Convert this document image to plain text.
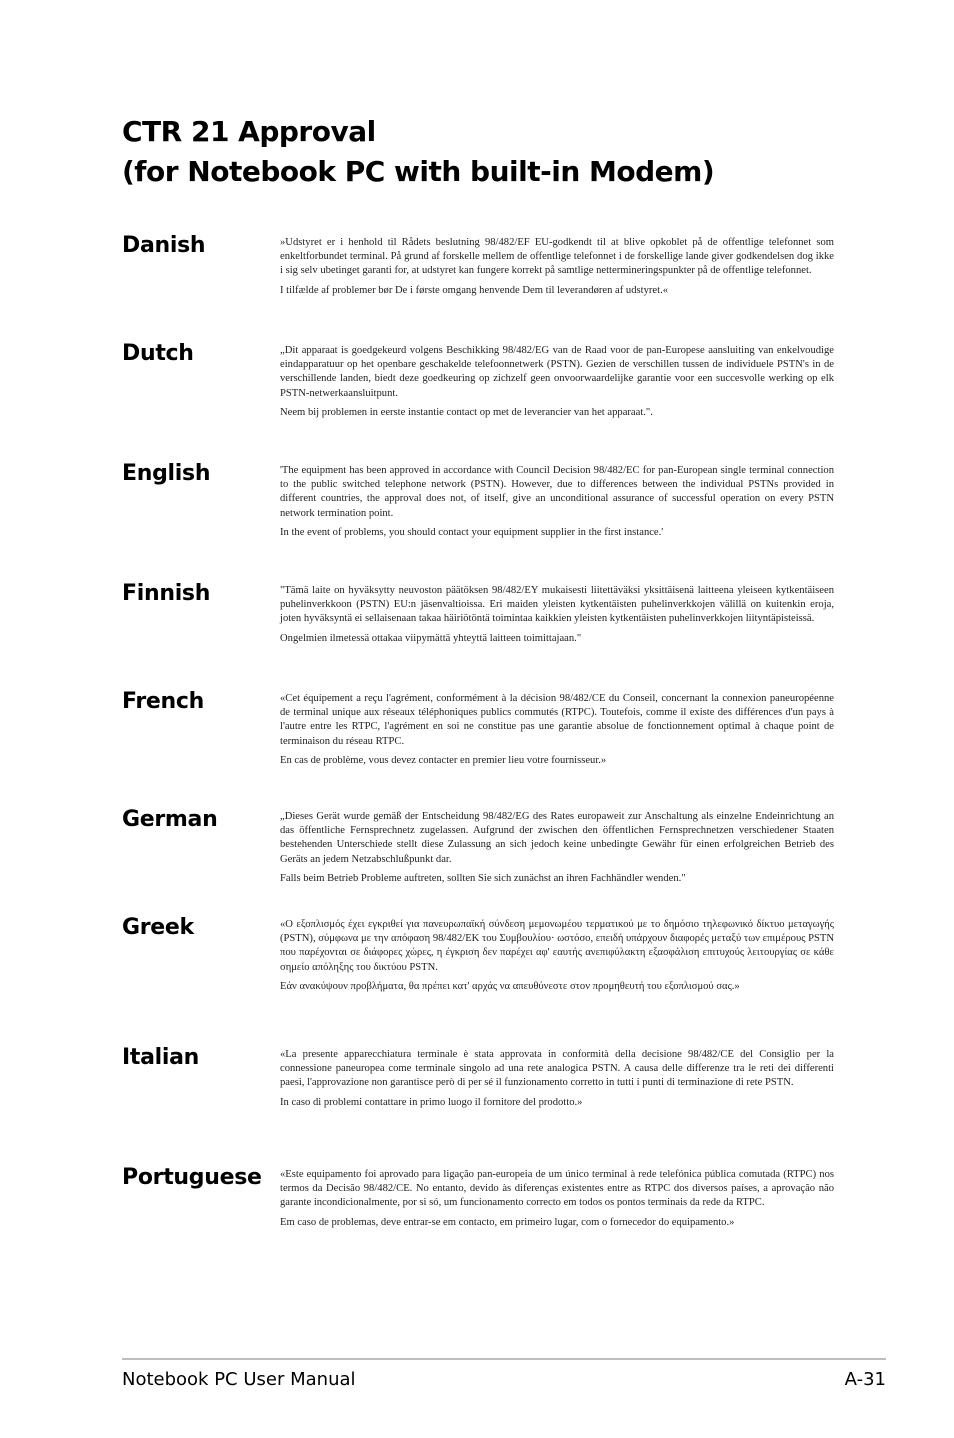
CTR 21 Approval
(for Notebook PC with built-in Modem)
Danish	»Udstyret er i henhold til Rådets beslutning 98/482/EF EU-godkendt til at blive opkoblet på de offentlige telefonnet som enkeltforbundet terminal. På grund af forskelle mellem de offentlige telefonnet i de forskellige lande giver godkendelsen dog ikke i sig selv ubetinget garanti for, at udstyret kan fungere korrekt på samtlige nettermineringspunkter på de offentlige telefonnet.

I tilfælde af problemer bør De i første omgang henvende Dem til leverandøren af udstyret.«

Dutch	„Dit apparaat is goedgekeurd volgens Beschikking 98/482/EG van de Raad voor de pan-Europese aansluiting van enkelvoudige eindapparatuur op het openbare geschakelde telefoonnetwerk (PSTN). Gezien de verschillen tussen de individuele PSTN's in de verschillende landen, biedt deze goedkeuring op zichzelf geen onvoorwaardelijke garantie voor een succesvolle werking op elk PSTN-netwerkaansluitpunt.

Neem bij problemen in eerste instantie contact op met de leverancier van het apparaat.".

English	'The equipment has been approved in accordance with Council Decision 98/482/EC for pan-European single terminal connection to the public switched telephone network (PSTN). However, due to differences between the individual PSTNs provided in different countries, the approval does not, of itself, give an unconditional assurance of successful operation on every PSTN network termination point.

In the event of problems, you should contact your equipment supplier in the first instance.'

Finnish	"Tämä laite on hyväksytty neuvoston päätöksen 98/482/EY mukaisesti liitettäväksi yksittäisenä laitteena yleiseen kytkentäiseen puhelinverkkoon (PSTN) EU:n jäsenvaltioissa. Eri maiden yleisten kytkentäisten puhelinverkkojen välillä on kuitenkin eroja, joten hyväksyntä ei sellaisenaan takaa häiriötöntä toimintaa kaikkien yleisten kytkentäisten puhelinverkkojen liityntäpisteissä.

Ongelmien ilmetessä ottakaa viipymättä yhteyttä laitteen toimittajaan."

French	«Cet équipement a reçu l'agrément, conformément à la décision 98/482/CE du Conseil, concernant la connexion paneuropéenne de terminal unique aux réseaux téléphoniques publics commutés (RTPC). Toutefois, comme il existe des différences d'un pays à l'autre entre les RTPC, l'agrément en soi ne constitue pas une garantie absolue de fonctionnement optimal à chaque point de terminaison du réseau RTPC.

En cas de problème, vous devez contacter en premier lieu votre fournisseur.»

German	„Dieses Gerät wurde gemäß der Entscheidung 98/482/EG des Rates europaweit zur Anschaltung als einzelne Endeinrichtung an das öffentliche Fernsprechnetz zugelassen. Aufgrund der zwischen den öffentlichen Fernsprechnetzen verschiedener Staaten bestehenden Unterschiede stellt diese Zulassung an sich jedoch keine unbedingte Gewähr für einen erfolgreichen Betrieb des Geräts an jedem Netzabschlußpunkt dar.

Falls beim Betrieb Probleme auftreten, sollten Sie sich zunächst an ihren Fachhändler wenden."

Greek	«Ο εξοπλισμός έχει εγκριθεί για πανευρωπαϊκή σύνδεση μεμονωμέου τερματικού με το δημόσιο τηλεφωνικό δίκτυο μεταγωγής (PSTN), σύμφωνα με την απόφαση 98/482/ΕΚ του Συμβουλίου· ωστόσο, επειδή υπάρχουν διαφορές μεταξύ των επιμέρους PSTN που παρέχονται σε διάφορες χώρες, η έγκριση δεν παρέχει αφ' εαυτής ανεπιφύλακτη εξασφάλιση επιτυχούς λειτουργίας σε κάθε σημείο απόληξης του δικτύου PSTN.

Εάν ανακύψουν προβλήματα, θα πρέπει κατ' αρχάς να απευθύνεστε στον προμηθευτή του εξοπλισμού σας.»

Italian	«La presente apparecchiatura terminale è stata approvata in conformità della decisione 98/482/CE del Consiglio per la connessione paneuropea come terminale singolo ad una rete analogica PSTN. A causa delle differenze tra le reti dei differenti paesi, l'approvazione non garantisce però di per sé il funzionamento corretto in tutti i punti di terminazione di rete PSTN.

In caso di problemi contattare in primo luogo il fornitore del prodotto.»

Portuguese «Este equipamento foi aprovado para ligação pan-europeia de um único terminal à rede telefónica pública comutada (RTPC) nos termos da Decisão 98/482/CE. No entanto, devido às diferenças existentes entre as RTPC dos diversos países, a aprovação não garante incondicionalmente, por si só, um funcionamento correcto em todos os pontos terminais da rede da RTPC.

Em caso de problemas, deve entrar-se em contacto, em primeiro lugar, com o fornecedor do equipamento.»

Notebook PC User Manual	A-31
